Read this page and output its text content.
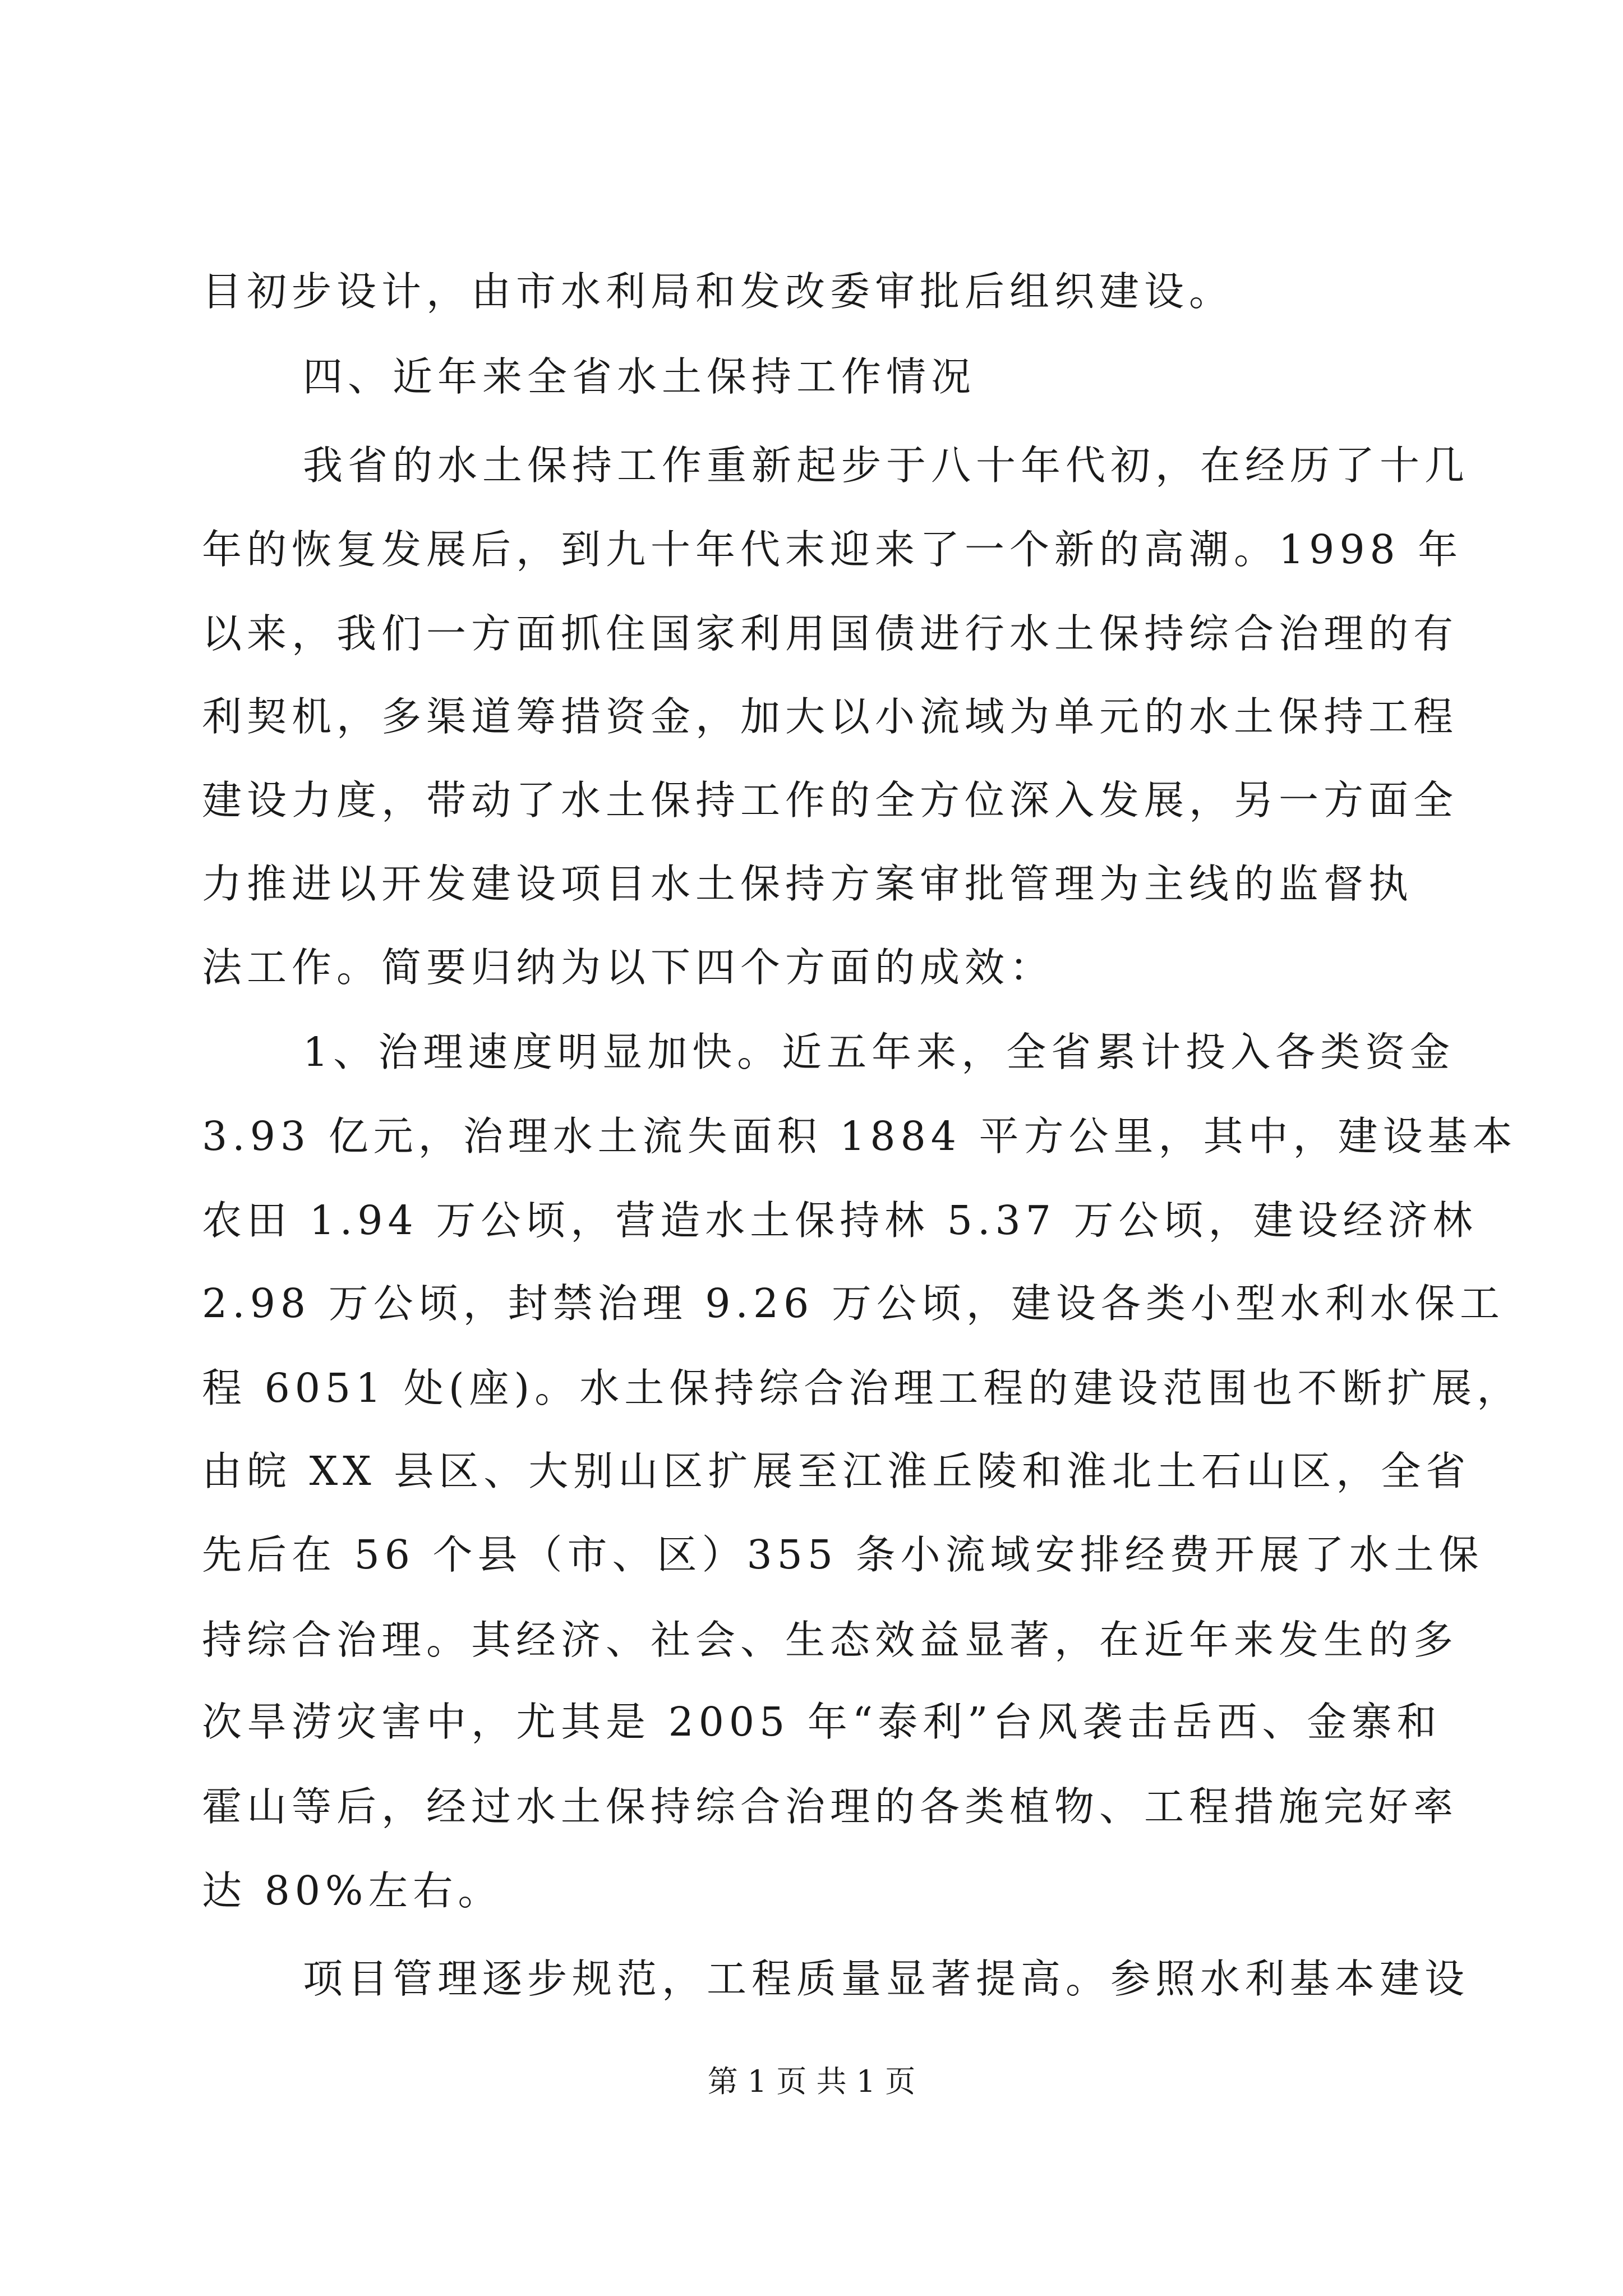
目初步设计，由市水利局和发改委审批后组织建设。
四、近年来全省水土保持工作情况
我省的水土保持工作重新起步于八十年代初，在经历了十几
年的恢复发展后，到九十年代末迎来了一个新的高潮。1998 年
以来，我们一方面抓住国家利用国债进行水土保持综合治理的有
利契机，多渠道筹措资金，加大以小流域为单元的水土保持工程
建设力度，带动了水土保持工作的全方位深入发展，另一方面全
力推进以开发建设项目水土保持方案审批管理为主线的监督执
法工作。简要归纳为以下四个方面的成效：
1、治理速度明显加快。近五年来，全省累计投入各类资金
3.93 亿元，治理水土流失面积 1884 平方公里，其中，建设基本
农田 1.94 万公顷，营造水土保持林 5.37 万公顷，建设经济林
2.98 万公顷，封禁治理 9.26 万公顷，建设各类小型水利水保工
程 6051 处(座)。水土保持综合治理工程的建设范围也不断扩展，
由皖 XX 县区、大别山区扩展至江淮丘陵和淮北土石山区，全省
先后在 56 个县（市、区）355 条小流域安排经费开展了水土保
持综合治理。其经济、社会、生态效益显著，在近年来发生的多
次旱涝灾害中，尤其是 2005 年“泰利”台风袭击岳西、金寨和
霍山等后，经过水土保持综合治理的各类植物、工程措施完好率
达 80%左右。
项目管理逐步规范，工程质量显著提高。参照水利基本建设
第 1 页 共 1 页
